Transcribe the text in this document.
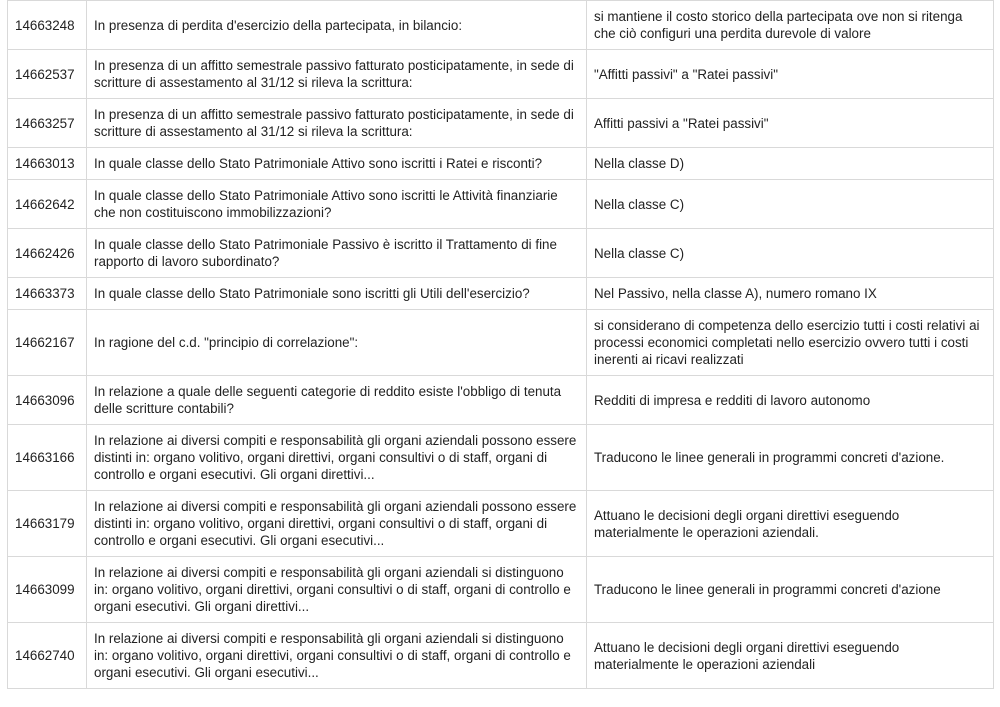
14663248	In presenza di perdita d'esercizio della partecipata, in bilancio:	si mantiene il costo storico della partecipata ove non si ritenga che ciò configuri una perdita durevole di valore
14662537	In presenza di un affitto semestrale passivo fatturato posticipatamente, in sede di scritture di assestamento al 31/12 si rileva la scrittura:	"Affitti passivi" a "Ratei passivi"
14663257	In presenza di un affitto semestrale passivo fatturato posticipatamente, in sede di scritture di assestamento al 31/12 si rileva la scrittura:	Affitti passivi a "Ratei passivi"
14663013	In quale classe dello Stato Patrimoniale Attivo sono iscritti i Ratei e risconti?	Nella classe D)
14662642	In quale classe dello Stato Patrimoniale Attivo sono iscritti le Attività finanziarie che non costituiscono immobilizzazioni?	Nella classe C)
14662426	In quale classe dello Stato Patrimoniale Passivo è iscritto il Trattamento di fine rapporto di lavoro subordinato?	Nella classe C)
14663373	In quale classe dello Stato Patrimoniale sono iscritti gli Utili dell'esercizio?	Nel Passivo, nella classe A), numero romano IX
14662167	In ragione del c.d. "principio di correlazione":	si considerano di competenza dello esercizio tutti i costi relativi ai processi economici completati nello esercizio ovvero tutti i costi inerenti ai ricavi realizzati
14663096	In relazione a quale delle seguenti categorie di reddito esiste l'obbligo di tenuta delle scritture contabili?	Redditi di impresa e redditi di lavoro autonomo
14663166	In relazione ai diversi compiti e responsabilità gli organi aziendali possono essere distinti in: organo volitivo, organi direttivi, organi consultivi o di staff, organi di controllo e organi esecutivi. Gli organi direttivi...	Traducono le linee generali in programmi concreti d'azione.
14663179	In relazione ai diversi compiti e responsabilità gli organi aziendali possono essere distinti in: organo volitivo, organi direttivi, organi consultivi o di staff, organi di controllo e organi esecutivi. Gli organi esecutivi...	Attuano le decisioni degli organi direttivi eseguendo materialmente le operazioni aziendali.
14663099	In relazione ai diversi compiti e responsabilità gli organi aziendali si distinguono in: organo volitivo, organi direttivi, organi consultivi o di staff, organi di controllo e organi esecutivi. Gli organi direttivi...	Traducono le linee generali in programmi concreti d'azione
14662740	In relazione ai diversi compiti e responsabilità gli organi aziendali si distinguono in: organo volitivo, organi direttivi, organi consultivi o di staff, organi di controllo e organi esecutivi. Gli organi esecutivi...	Attuano le decisioni degli organi direttivi eseguendo materialmente le operazioni aziendali
